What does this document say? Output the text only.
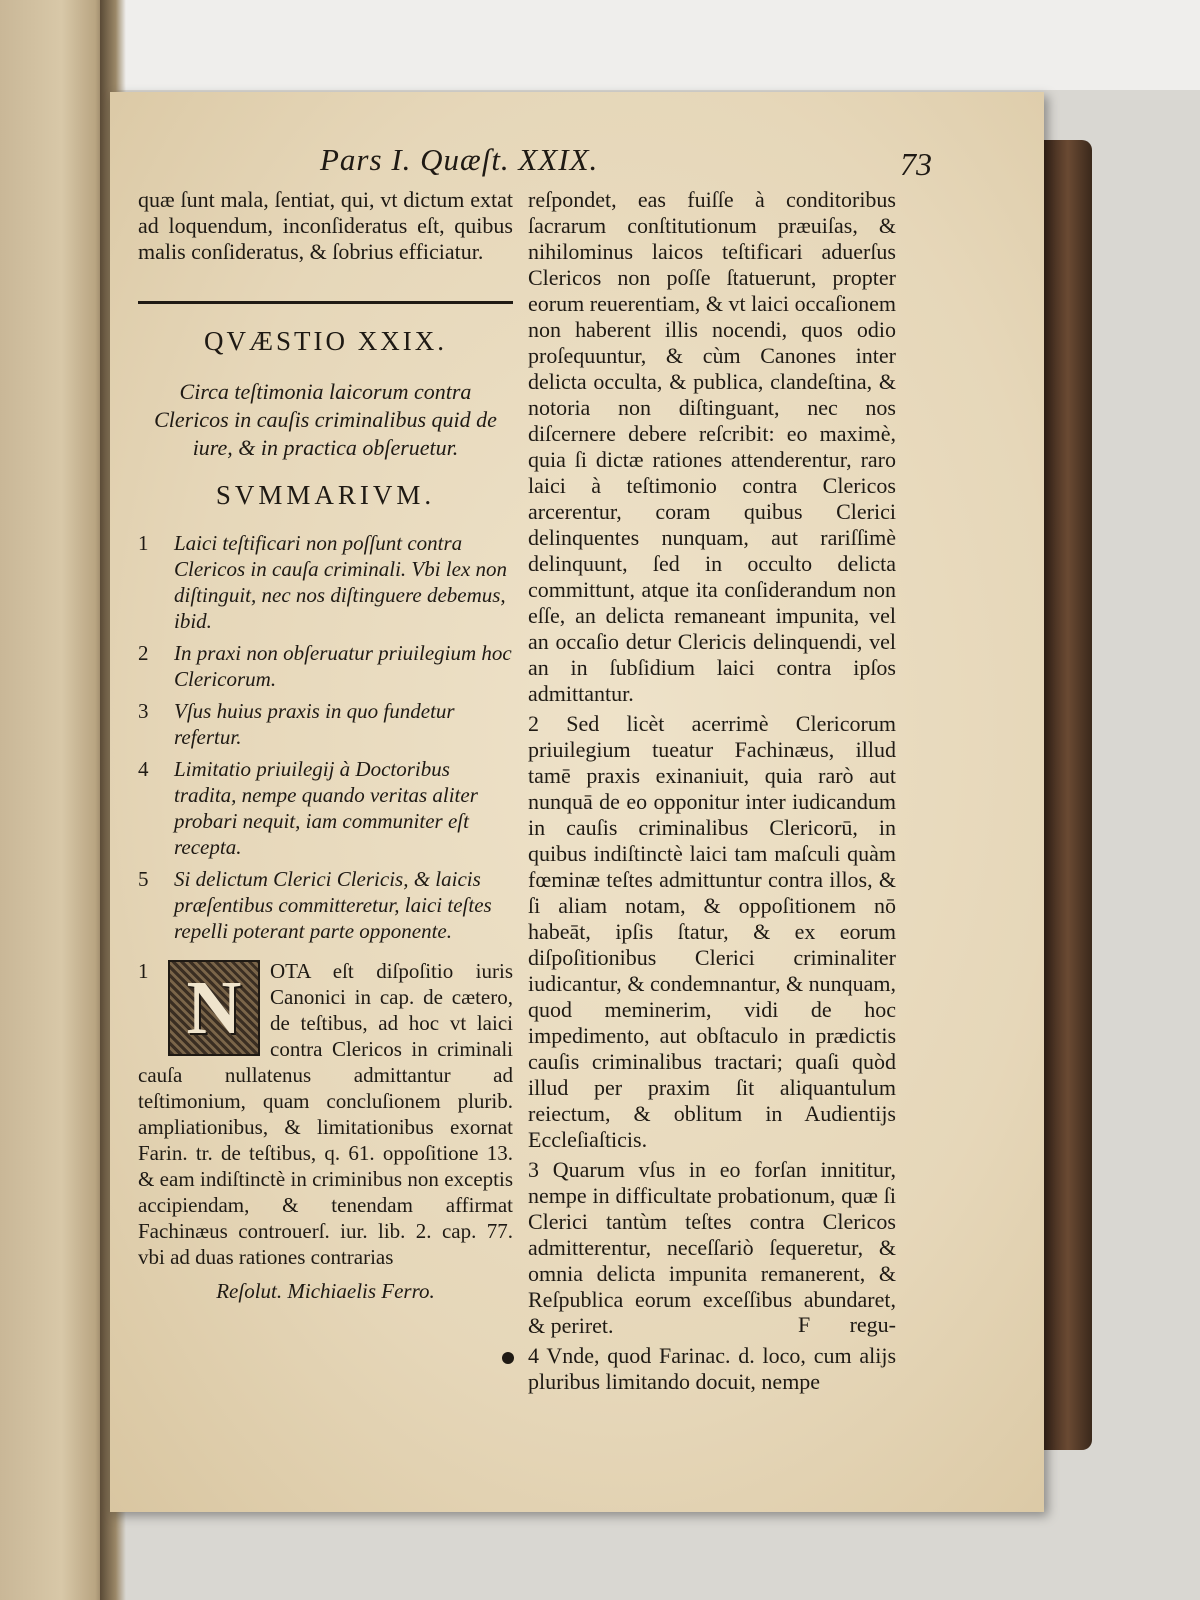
Pars I. Quæſt. XXIX.	73

quæ ſunt mala, ſentiat, qui, vt dictum extat ad loquendum, inconſideratus eſt, quibus malis conſideratus, & ſobrius efficiatur.

QVÆSTIO XXIX.
Circa teſtimonia laicorum contra Clericos in cauſis criminalibus quid de iure, & in practica obſeruetur.
SVMMARIVM.
1	Laici teſtificari non poſſunt contra Clericos in cauſa criminali. Vbi lex non diſtinguit, nec nos diſtinguere debemus, ibid.
2	In praxi non obſeruatur priuilegium hoc Clericorum.
3	Vſus huius praxis in quo fundetur refertur.
4	Limitatio priuilegij à Doctoribus tradita, nempe quando veritas aliter probari nequit, iam communiter eſt recepta.
5	Si delictum Clerici Clericis, & laicis præſentibus committeretur, laici teſtes repelli poterant parte opponente.
1 N	OTA eſt diſpoſitio iuris Canonici in cap. de cætero, de teſtibus, ad hoc vt laici contra Clericos in criminali cauſa nullatenus admittantur ad teſtimonium, quam concluſionem plurib. ampliationibus, & limitationibus exornat Farin. tr. de teſtibus, q. 61. oppoſitione 13. & eam indiſtinctè in criminibus non exceptis accipiendam, & tenendam affirmat Fachinæus controuerſ. iur. lib. 2. cap. 77. vbi ad duas rationes contrarias
Reſolut. Michiaelis Ferro.

reſpondet, eas fuiſſe à conditoribus ſacrarum conſtitutionum præuiſas, & nihilominus laicos teſtificari aduerſus Clericos non poſſe ſtatuerunt, propter eorum reuerentiam, & vt laici occaſionem non haberent illis nocendi, quos odio proſequuntur, & cùm Canones inter delicta occulta, & publica, clandeſtina, & notoria non diſtinguant, nec nos diſcernere debere reſcribit: eo maximè, quia ſi dictæ rationes attenderentur, raro laici à teſtimonio contra Clericos arcerentur, coram quibus Clerici delinquentes nunquam, aut rariſſimè delinquunt, ſed in occulto delicta committunt, atque ita conſiderandum non eſſe, an delicta remaneant impunita, vel an occaſio detur Clericis delinquendi, vel an in ſubſidium laici contra ipſos admittantur.

2 Sed licèt acerrimè Clericorum priuilegium tueatur Fachinæus, illud tamē praxis exinaniuit, quia rarò aut nunquā de eo opponitur inter iudicandum in cauſis criminalibus Clericorū, in quibus indiſtinctè laici tam maſculi quàm fœminæ teſtes admittuntur contra illos, & ſi aliam notam, & oppoſitionem nō habeāt, ipſis ſtatur, & ex eorum diſpoſitionibus Clerici criminaliter iudicantur, & condemnantur, & nunquam, quod meminerim, vidi de hoc impedimento, aut obſtaculo in prædictis cauſis criminalibus tractari; quaſi quòd illud per praxim ſit aliquantulum reiectum, & oblitum in Audientijs Eccleſiaſticis.

3 Quarum vſus in eo forſan innititur, nempe in difficultate probationum, quæ ſi Clerici tantùm teſtes contra Clericos admitterentur, neceſſariò ſequeretur, & omnia delicta impunita remanerent, & Reſpublica eorum exceſſibus abundaret, & periret.

4 Vnde, quod Farinac. d. loco, cum alijs pluribus limitando docuit, nempe

F regu-
